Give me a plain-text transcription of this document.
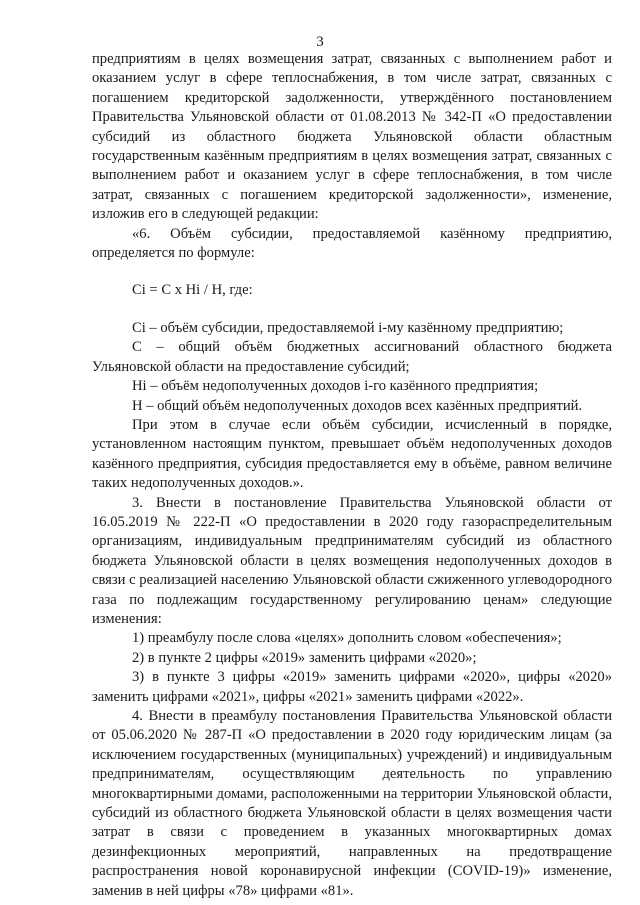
3

предприятиям в целях возмещения затрат, связанных с выполнением работ и оказанием услуг в сфере теплоснабжения, в том числе затрат, связанных с погашением кредиторской задолженности, утверждённого постановлением Правительства Ульяновской области от 01.08.2013 № 342-П «О предоставлении субсидий из областного бюджета Ульяновской области областным государственным казённым предприятиям в целях возмещения затрат, связанных с выполнением работ и оказанием услуг в сфере теплоснабжения, в том числе затрат, связанных с погашением кредиторской задолженности», изменение, изложив его в следующей редакции:

«6. Объём субсидии, предоставляемой казённому предприятию, определяется по формуле:

Ci = C x Hi / H, где:

Ci – объём субсидии, предоставляемой i-му казённому предприятию;

C – общий объём бюджетных ассигнований областного бюджета Ульяновской области на предоставление субсидий;

Hi – объём недополученных доходов i-го казённого предприятия;

H – общий объём недополученных доходов всех казённых предприятий.

При этом в случае если объём субсидии, исчисленный в порядке, установленном настоящим пунктом, превышает объём недополученных доходов казённого предприятия, субсидия предоставляется ему в объёме, равном величине таких недополученных доходов.».

3. Внести в постановление Правительства Ульяновской области от 16.05.2019 № 222-П «О предоставлении в 2020 году газораспределительным организациям, индивидуальным предпринимателям субсидий из областного бюджета Ульяновской области в целях возмещения недополученных доходов в связи с реализацией населению Ульяновской области сжиженного углеводородного газа по подлежащим государственному регулированию ценам» следующие изменения:

1) преамбулу после слова «целях» дополнить словом «обеспечения»;

2) в пункте 2 цифры «2019» заменить цифрами «2020»;

3) в пункте 3 цифры «2019» заменить цифрами «2020», цифры «2020» заменить цифрами «2021», цифры «2021» заменить цифрами «2022».

4. Внести в преамбулу постановления Правительства Ульяновской области от 05.06.2020 № 287-П «О предоставлении в 2020 году юридическим лицам (за исключением государственных (муниципальных) учреждений) и индивидуальным предпринимателям, осуществляющим деятельность по управлению многоквартирными домами, расположенными на территории Ульяновской области, субсидий из областного бюджета Ульяновской области в целях возмещения части затрат в связи с проведением в указанных многоквартирных домах дезинфекционных мероприятий, направленных на предотвращение распространения новой коронавирусной инфекции (COVID-19)» изменение, заменив в ней цифры «78» цифрами «81».
